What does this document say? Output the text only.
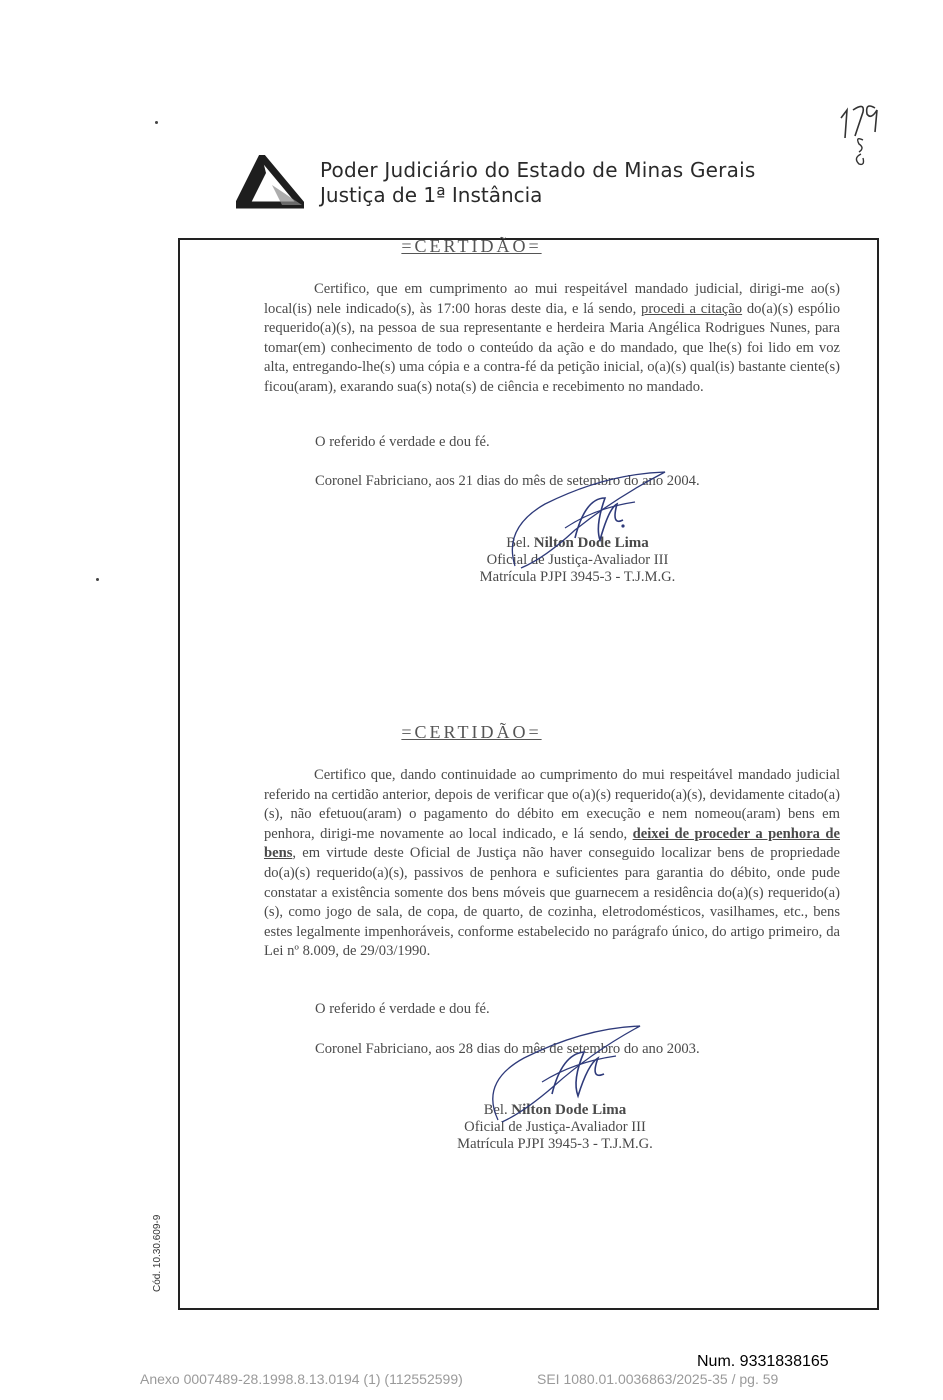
Poder Judiciário do Estado de Minas Gerais
Justiça de 1ª Instância
=CERTIDÃO=
Certifico, que em cumprimento ao mui respeitável mandado judicial, dirigi-me ao(s) local(is) nele indicado(s), às 17:00 horas deste dia, e lá sendo, procedi a citação do(a)(s) espólio requerido(a)(s), na pessoa de sua representante e herdeira Maria Angélica Rodrigues Nunes, para tomar(em) conhecimento de todo o conteúdo da ação e do mandado, que lhe(s) foi lido em voz alta, entregando-lhe(s) uma cópia e a contra-fé da petição inicial, o(a)(s) qual(is) bastante ciente(s) ficou(aram), exarando sua(s) nota(s) de ciência e recebimento no mandado.
O referido é verdade e dou fé.
Coronel Fabriciano, aos 21 dias do mês de setembro do ano 2004.
Bel. Nilton Dode Lima
Oficial de Justiça-Avaliador III
Matrícula PJPI 3945-3 - T.J.M.G.
=CERTIDÃO=
Certifico que, dando continuidade ao cumprimento do mui respeitável mandado judicial referido na certidão anterior, depois de verificar que o(a)(s) requerido(a)(s), devidamente citado(a)(s), não efetuou(aram) o pagamento do débito em execução e nem nomeou(aram) bens em penhora, dirigi-me novamente ao local indicado, e lá sendo, deixei de proceder a penhora de bens, em virtude deste Oficial de Justiça não haver conseguido localizar bens de propriedade do(a)(s) requerido(a)(s), passivos de penhora e suficientes para garantia do débito, onde pude constatar a existência somente dos bens móveis que guarnecem a residência do(a)(s) requerido(a)(s), como jogo de sala, de copa, de quarto, de cozinha, eletrodomésticos, vasilhames, etc., bens estes legalmente impenhoráveis, conforme estabelecido no parágrafo único, do artigo primeiro, da Lei nº 8.009, de 29/03/1990.
O referido é verdade e dou fé.
Coronel Fabriciano, aos 28 dias do mês de setembro do ano 2003.
Bel. Nilton Dode Lima
Oficial de Justiça-Avaliador III
Matrícula PJPI 3945-3 - T.J.M.G.
Cód. 10.30.609-9
Num. 9331838165
Anexo 0007489-28.1998.8.13.0194 (1) (112552599)	SEI 1080.01.0036863/2025-35 / pg. 59
